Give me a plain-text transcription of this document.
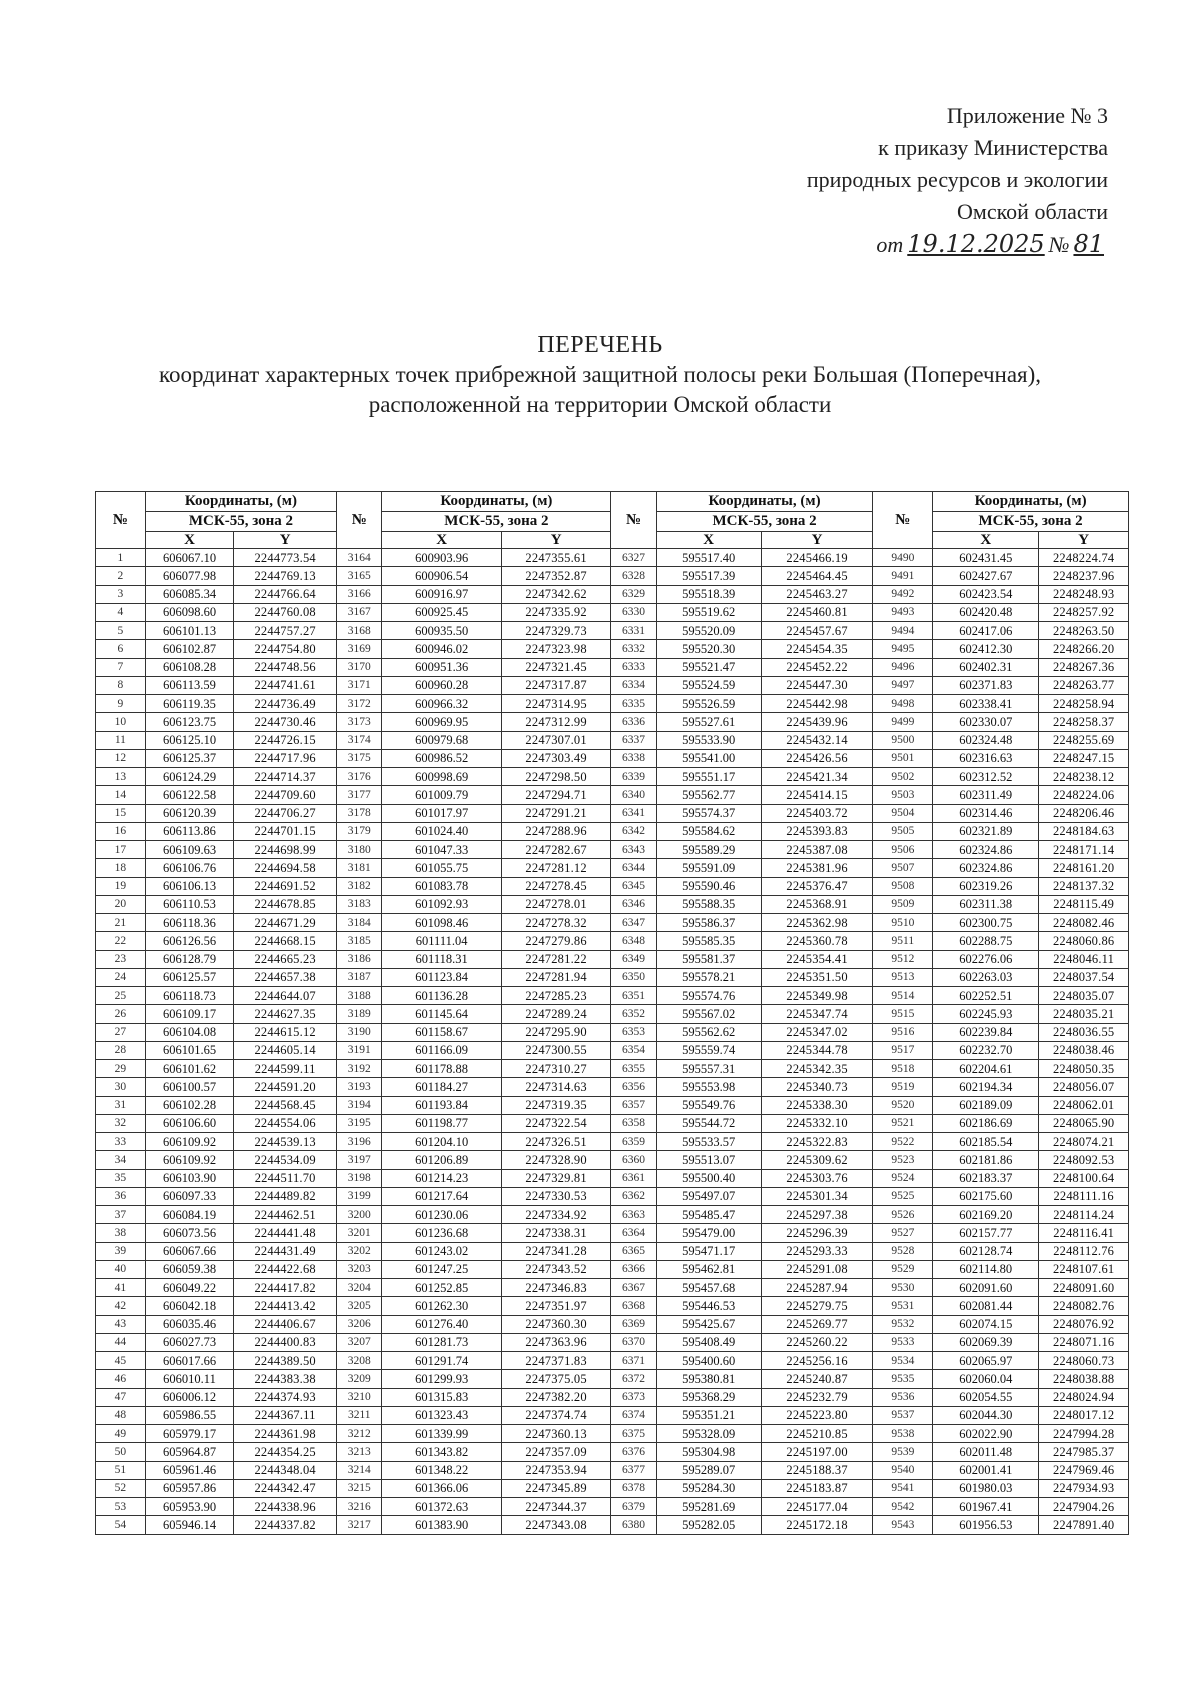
Приложение № 3
к приказу Министерства
природных ресурсов и экологии
Омской области
от 19.12.2025 № 81
ПЕРЕЧЕНЬ
координат характерных точек прибрежной защитной полосы реки Большая (Поперечная),
расположенной на территории Омской области
№	Координаты, (м)		№	Координаты, (м)		№	Координаты, (м)		№	Координаты, (м)	
	МСК-55, зона 2			МСК-55, зона 2			МСК-55, зона 2			МСК-55, зона 2	
	X	Y		X	Y		X	Y		X	Y
1	606067.10	2244773.54	3164	600903.96	2247355.61	6327	595517.40	2245466.19	9490	602431.45	2248224.74
2	606077.98	2244769.13	3165	600906.54	2247352.87	6328	595517.39	2245464.45	9491	602427.67	2248237.96
3	606085.34	2244766.64	3166	600916.97	2247342.62	6329	595518.39	2245463.27	9492	602423.54	2248248.93
4	606098.60	2244760.08	3167	600925.45	2247335.92	6330	595519.62	2245460.81	9493	602420.48	2248257.92
5	606101.13	2244757.27	3168	600935.50	2247329.73	6331	595520.09	2245457.67	9494	602417.06	2248263.50
6	606102.87	2244754.80	3169	600946.02	2247323.98	6332	595520.30	2245454.35	9495	602412.30	2248266.20
7	606108.28	2244748.56	3170	600951.36	2247321.45	6333	595521.47	2245452.22	9496	602402.31	2248267.36
8	606113.59	2244741.61	3171	600960.28	2247317.87	6334	595524.59	2245447.30	9497	602371.83	2248263.77
9	606119.35	2244736.49	3172	600966.32	2247314.95	6335	595526.59	2245442.98	9498	602338.41	2248258.94
10	606123.75	2244730.46	3173	600969.95	2247312.99	6336	595527.61	2245439.96	9499	602330.07	2248258.37
11	606125.10	2244726.15	3174	600979.68	2247307.01	6337	595533.90	2245432.14	9500	602324.48	2248255.69
12	606125.37	2244717.96	3175	600986.52	2247303.49	6338	595541.00	2245426.56	9501	602316.63	2248247.15
13	606124.29	2244714.37	3176	600998.69	2247298.50	6339	595551.17	2245421.34	9502	602312.52	2248238.12
14	606122.58	2244709.60	3177	601009.79	2247294.71	6340	595562.77	2245414.15	9503	602311.49	2248224.06
15	606120.39	2244706.27	3178	601017.97	2247291.21	6341	595574.37	2245403.72	9504	602314.46	2248206.46
16	606113.86	2244701.15	3179	601024.40	2247288.96	6342	595584.62	2245393.83	9505	602321.89	2248184.63
17	606109.63	2244698.99	3180	601047.33	2247282.67	6343	595589.29	2245387.08	9506	602324.86	2248171.14
18	606106.76	2244694.58	3181	601055.75	2247281.12	6344	595591.09	2245381.96	9507	602324.86	2248161.20
19	606106.13	2244691.52	3182	601083.78	2247278.45	6345	595590.46	2245376.47	9508	602319.26	2248137.32
20	606110.53	2244678.85	3183	601092.93	2247278.01	6346	595588.35	2245368.91	9509	602311.38	2248115.49
21	606118.36	2244671.29	3184	601098.46	2247278.32	6347	595586.37	2245362.98	9510	602300.75	2248082.46
22	606126.56	2244668.15	3185	601111.04	2247279.86	6348	595585.35	2245360.78	9511	602288.75	2248060.86
23	606128.79	2244665.23	3186	601118.31	2247281.22	6349	595581.37	2245354.41	9512	602276.06	2248046.11
24	606125.57	2244657.38	3187	601123.84	2247281.94	6350	595578.21	2245351.50	9513	602263.03	2248037.54
25	606118.73	2244644.07	3188	601136.28	2247285.23	6351	595574.76	2245349.98	9514	602252.51	2248035.07
26	606109.17	2244627.35	3189	601145.64	2247289.24	6352	595567.02	2245347.74	9515	602245.93	2248035.21
27	606104.08	2244615.12	3190	601158.67	2247295.90	6353	595562.62	2245347.02	9516	602239.84	2248036.55
28	606101.65	2244605.14	3191	601166.09	2247300.55	6354	595559.74	2245344.78	9517	602232.70	2248038.46
29	606101.62	2244599.11	3192	601178.88	2247310.27	6355	595557.31	2245342.35	9518	602204.61	2248050.35
30	606100.57	2244591.20	3193	601184.27	2247314.63	6356	595553.98	2245340.73	9519	602194.34	2248056.07
31	606102.28	2244568.45	3194	601193.84	2247319.35	6357	595549.76	2245338.30	9520	602189.09	2248062.01
32	606106.60	2244554.06	3195	601198.77	2247322.54	6358	595544.72	2245332.10	9521	602186.69	2248065.90
33	606109.92	2244539.13	3196	601204.10	2247326.51	6359	595533.57	2245322.83	9522	602185.54	2248074.21
34	606109.92	2244534.09	3197	601206.89	2247328.90	6360	595513.07	2245309.62	9523	602181.86	2248092.53
35	606103.90	2244511.70	3198	601214.23	2247329.81	6361	595500.40	2245303.76	9524	602183.37	2248100.64
36	606097.33	2244489.82	3199	601217.64	2247330.53	6362	595497.07	2245301.34	9525	602175.60	2248111.16
37	606084.19	2244462.51	3200	601230.06	2247334.92	6363	595485.47	2245297.38	9526	602169.20	2248114.24
38	606073.56	2244441.48	3201	601236.68	2247338.31	6364	595479.00	2245296.39	9527	602157.77	2248116.41
39	606067.66	2244431.49	3202	601243.02	2247341.28	6365	595471.17	2245293.33	9528	602128.74	2248112.76
40	606059.38	2244422.68	3203	601247.25	2247343.52	6366	595462.81	2245291.08	9529	602114.80	2248107.61
41	606049.22	2244417.82	3204	601252.85	2247346.83	6367	595457.68	2245287.94	9530	602091.60	2248091.60
42	606042.18	2244413.42	3205	601262.30	2247351.97	6368	595446.53	2245279.75	9531	602081.44	2248082.76
43	606035.46	2244406.67	3206	601276.40	2247360.30	6369	595425.67	2245269.77	9532	602074.15	2248076.92
44	606027.73	2244400.83	3207	601281.73	2247363.96	6370	595408.49	2245260.22	9533	602069.39	2248071.16
45	606017.66	2244389.50	3208	601291.74	2247371.83	6371	595400.60	2245256.16	9534	602065.97	2248060.73
46	606010.11	2244383.38	3209	601299.93	2247375.05	6372	595380.81	2245240.87	9535	602060.04	2248038.88
47	606006.12	2244374.93	3210	601315.83	2247382.20	6373	595368.29	2245232.79	9536	602054.55	2248024.94
48	605986.55	2244367.11	3211	601323.43	2247374.74	6374	595351.21	2245223.80	9537	602044.30	2248017.12
49	605979.17	2244361.98	3212	601339.99	2247360.13	6375	595328.09	2245210.85	9538	602022.90	2247994.28
50	605964.87	2244354.25	3213	601343.82	2247357.09	6376	595304.98	2245197.00	9539	602011.48	2247985.37
51	605961.46	2244348.04	3214	601348.22	2247353.94	6377	595289.07	2245188.37	9540	602001.41	2247969.46
52	605957.86	2244342.47	3215	601366.06	2247345.89	6378	595284.30	2245183.87	9541	601980.03	2247934.93
53	605953.90	2244338.96	3216	601372.63	2247344.37	6379	595281.69	2245177.04	9542	601967.41	2247904.26
54	605946.14	2244337.82	3217	601383.90	2247343.08	6380	595282.05	2245172.18	9543	601956.53	2247891.40
